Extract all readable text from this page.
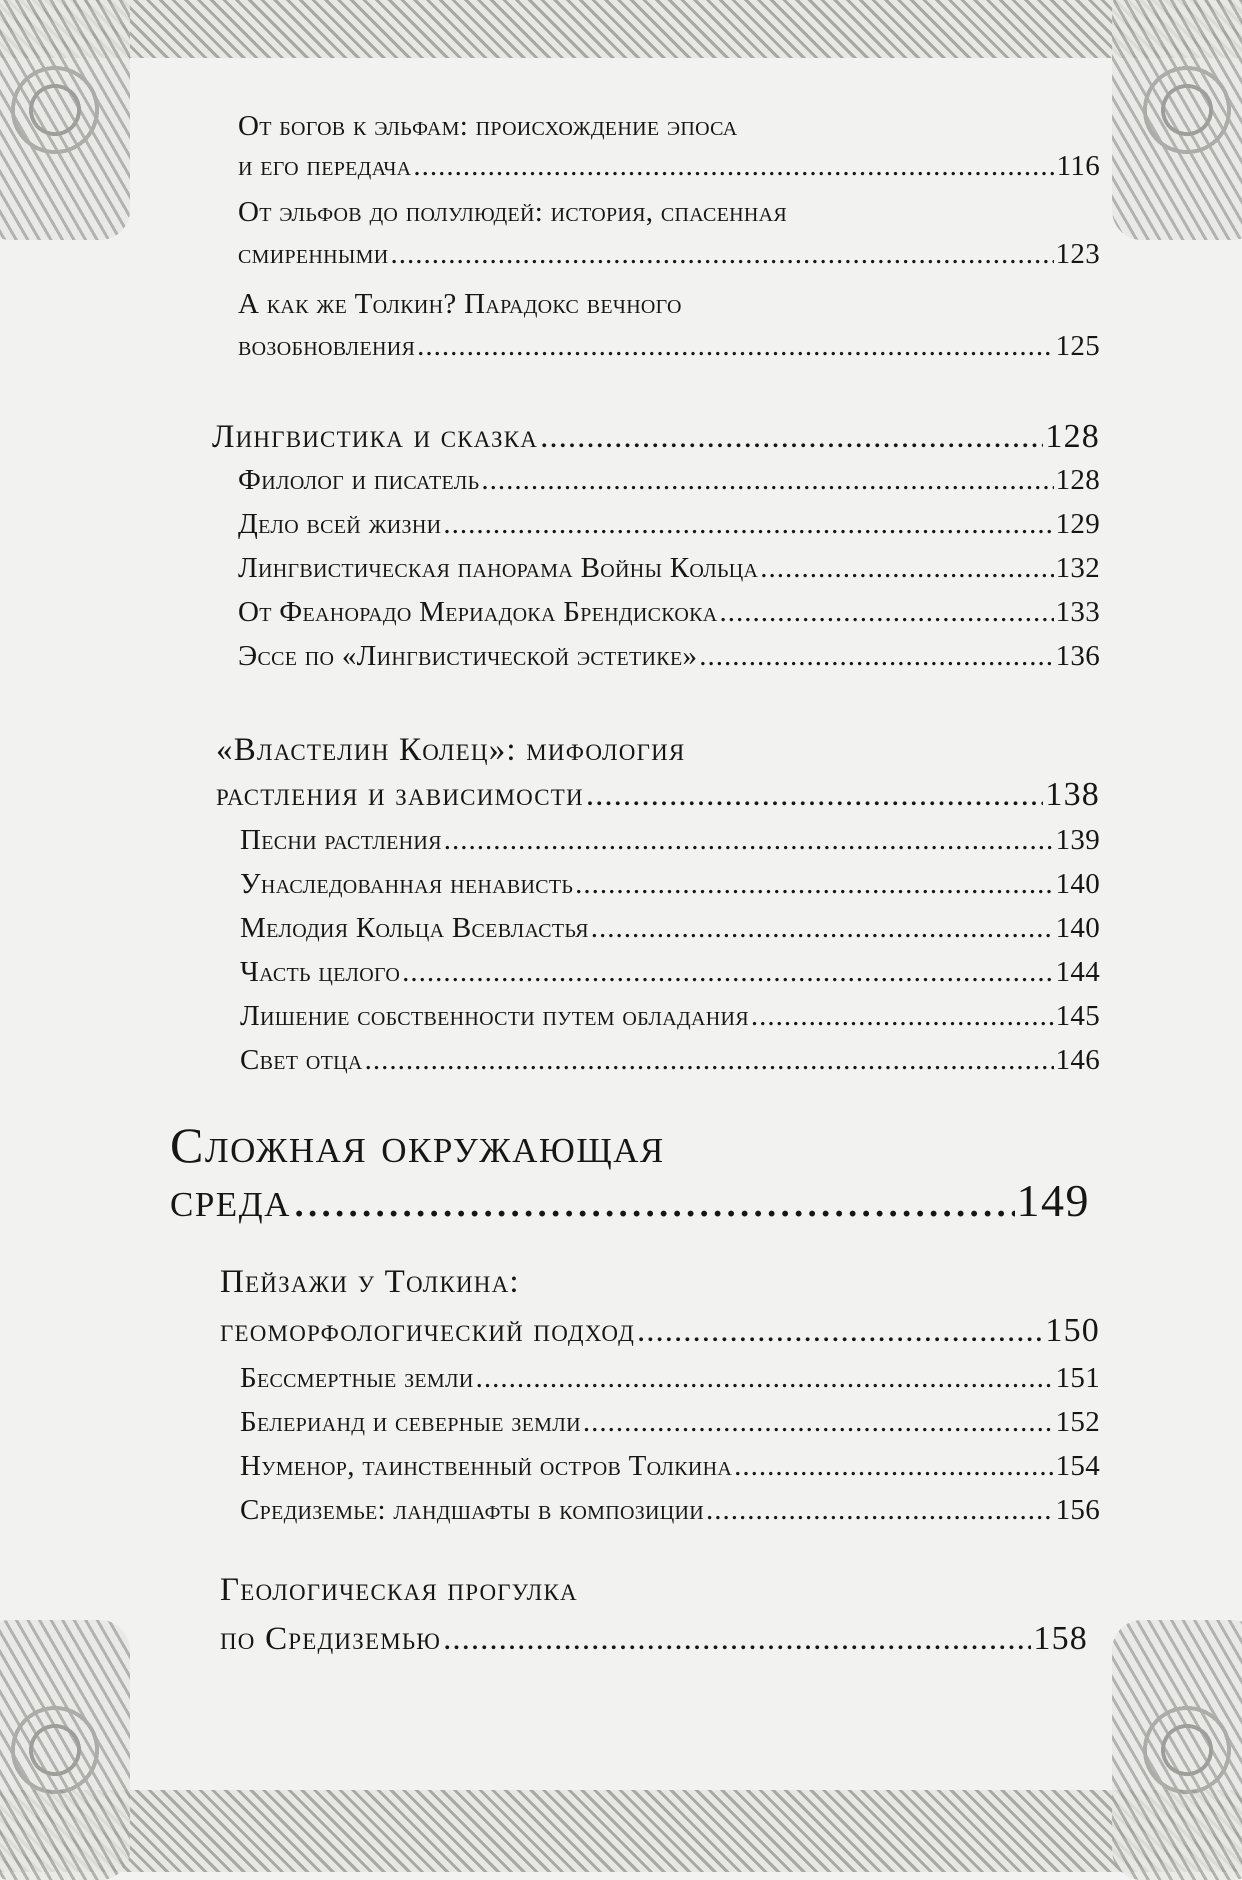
От богов к эльфам: происхождение эпоса
и его передача .....	116
От эльфов до полулюдей: история, спасенная
смиренными .....	123
А как же Толкин? Парадокс вечного
возобновления .....	125
Лингвистика и сказка .....	128
Филолог и писатель .....	128
Дело всей жизни .....	129
Лингвистическая панорама Войны Кольца .....	132
От Феанорадо Мериадока Брендискока .....	133
Эссе по «Лингвистической эстетике» .....	136
«Властелин Колец»: мифология
растления и зависимости .....	138
Песни растления .....	139
Унаследованная ненависть .....	140
Мелодия Кольца Всевластья .....	140
Часть целого .....	144
Лишение собственности путем обладания .....	145
Свет отца .....	146
Сложная окружающая
среда .....	149
Пейзажи у Толкина:
геоморфологический подход .....	150
Бессмертные земли .....	151
Белерианд и северные земли .....	152
Нуменор, таинственный остров Толкина .....	154
Средиземье: ландшафты в композиции .....	156
Геологическая прогулка
по Средиземью .....	158
